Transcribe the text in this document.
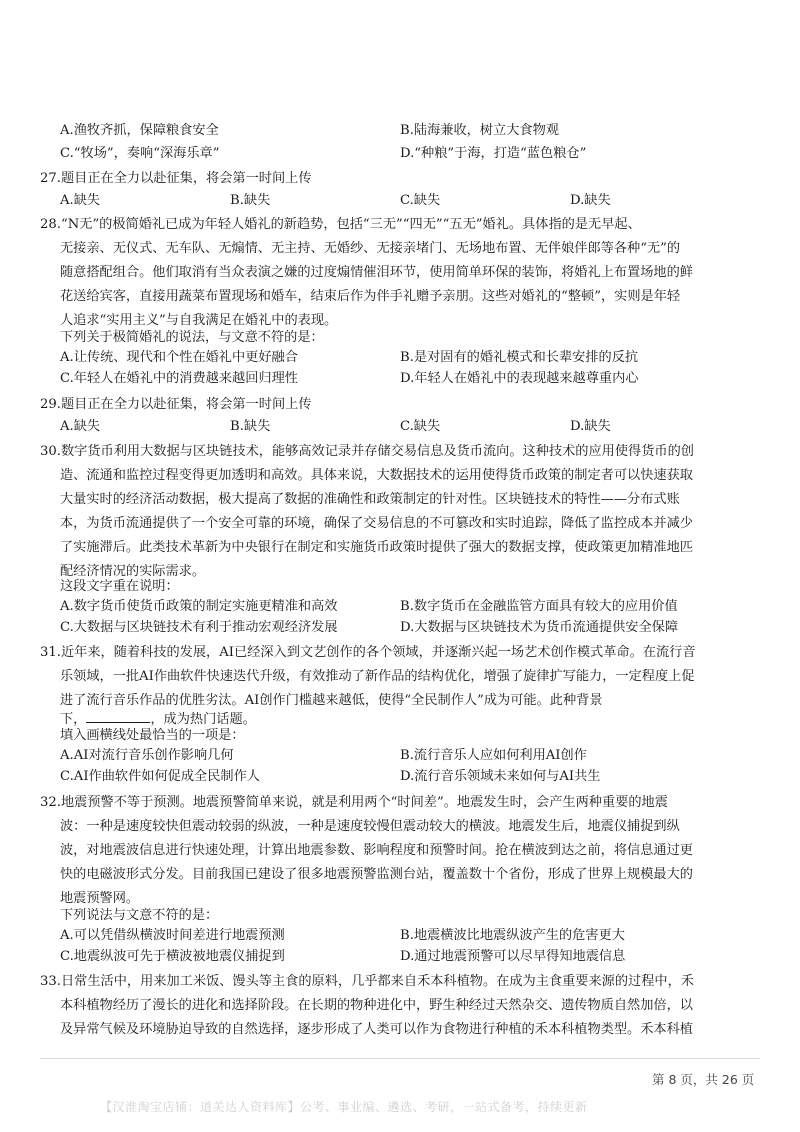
A.渔牧齐抓，保障粮食安全	B.陆海兼收，树立大食物观
C.“牧场”，奏响“深海乐章”	D.“种粮”于海，打造“蓝色粮仓”
27.题目正在全力以赴征集，将会第一时间上传
A.缺失	B.缺失	C.缺失	D.缺失
28.“N无”的极简婚礼已成为年轻人婚礼的新趋势，包括“三无”“四无”“五无”婚礼。具体指的是无早起、
无接亲、无仪式、无车队、无煽情、无主持、无婚纱、无接亲堵门、无场地布置、无伴娘伴郎等各种“无”的
随意搭配组合。他们取消有当众表演之嫌的过度煽情催泪环节，使用简单环保的装饰，将婚礼上布置场地的鲜
花送给宾客，直接用蔬菜布置现场和婚车，结束后作为伴手礼赠予亲朋。这些对婚礼的“整顿”，实则是年轻
人追求“实用主义”与自我满足在婚礼中的表现。
下列关于极简婚礼的说法，与文意不符的是：
A.让传统、现代和个性在婚礼中更好融合	B.是对固有的婚礼模式和长辈安排的反抗
C.年轻人在婚礼中的消费越来越回归理性	D.年轻人在婚礼中的表现越来越尊重内心
29.题目正在全力以赴征集，将会第一时间上传
A.缺失	B.缺失	C.缺失	D.缺失
30.数字货币利用大数据与区块链技术，能够高效记录并存储交易信息及货币流向。这种技术的应用使得货币的创
造、流通和监控过程变得更加透明和高效。具体来说，大数据技术的运用使得货币政策的制定者可以快速获取
大量实时的经济活动数据，极大提高了数据的准确性和政策制定的针对性。区块链技术的特性——分布式账
本，为货币流通提供了一个安全可靠的环境，确保了交易信息的不可篡改和实时追踪，降低了监控成本并减少
了实施滞后。此类技术革新为中央银行在制定和实施货币政策时提供了强大的数据支撑，使政策更加精准地匹
配经济情况的实际需求。
这段文字重在说明：
A.数字货币使货币政策的制定实施更精准和高效	B.数字货币在金融监管方面具有较大的应用价值
C.大数据与区块链技术有利于推动宏观经济发展	D.大数据与区块链技术为货币流通提供安全保障
31.近年来，随着科技的发展，AI已经深入到文艺创作的各个领域，并逐渐兴起一场艺术创作模式革命。在流行音
乐领域，一批AI作曲软件快速迭代升级，有效推动了新作品的结构优化，增强了旋律扩写能力，一定程度上促
进了流行音乐作品的优胜劣汰。AI创作门槛越来越低，使得“全民制作人”成为可能。此种背景
下，	，成为热门话题。
填入画横线处最恰当的一项是：
A.AI对流行音乐创作影响几何	B.流行音乐人应如何利用AI创作
C.AI作曲软件如何促成全民制作人	D.流行音乐领域未来如何与AI共生
32.地震预警不等于预测。地震预警简单来说，就是利用两个“时间差”。地震发生时，会产生两种重要的地震
波：一种是速度较快但震动较弱的纵波，一种是速度较慢但震动较大的横波。地震发生后，地震仪捕捉到纵
波，对地震波信息进行快速处理，计算出地震参数、影响程度和预警时间。抢在横波到达之前，将信息通过更
快的电磁波形式分发。目前我国已建设了很多地震预警监测台站，覆盖数十个省份，形成了世界上规模最大的
地震预警网。
下列说法与文意不符的是：
A.可以凭借纵横波时间差进行地震预测	B.地震横波比地震纵波产生的危害更大
C.地震纵波可先于横波被地震仪捕捉到	D.通过地震预警可以尽早得知地震信息
33.日常生活中，用来加工米饭、馒头等主食的原料，几乎都来自禾本科植物。在成为主食重要来源的过程中，禾
本科植物经历了漫长的进化和选择阶段。在长期的物种进化中，野生种经过天然杂交、遗传物质自然加倍，以
及异常气候及环境胁迫导致的自然选择，逐步形成了人类可以作为食物进行种植的禾本科植物类型。禾本科植
第 8 页，共 26 页
【汉淮淘宝店铺：道关达人资料库】公考、事业编、遴选、考研，一站式备考，持续更新
